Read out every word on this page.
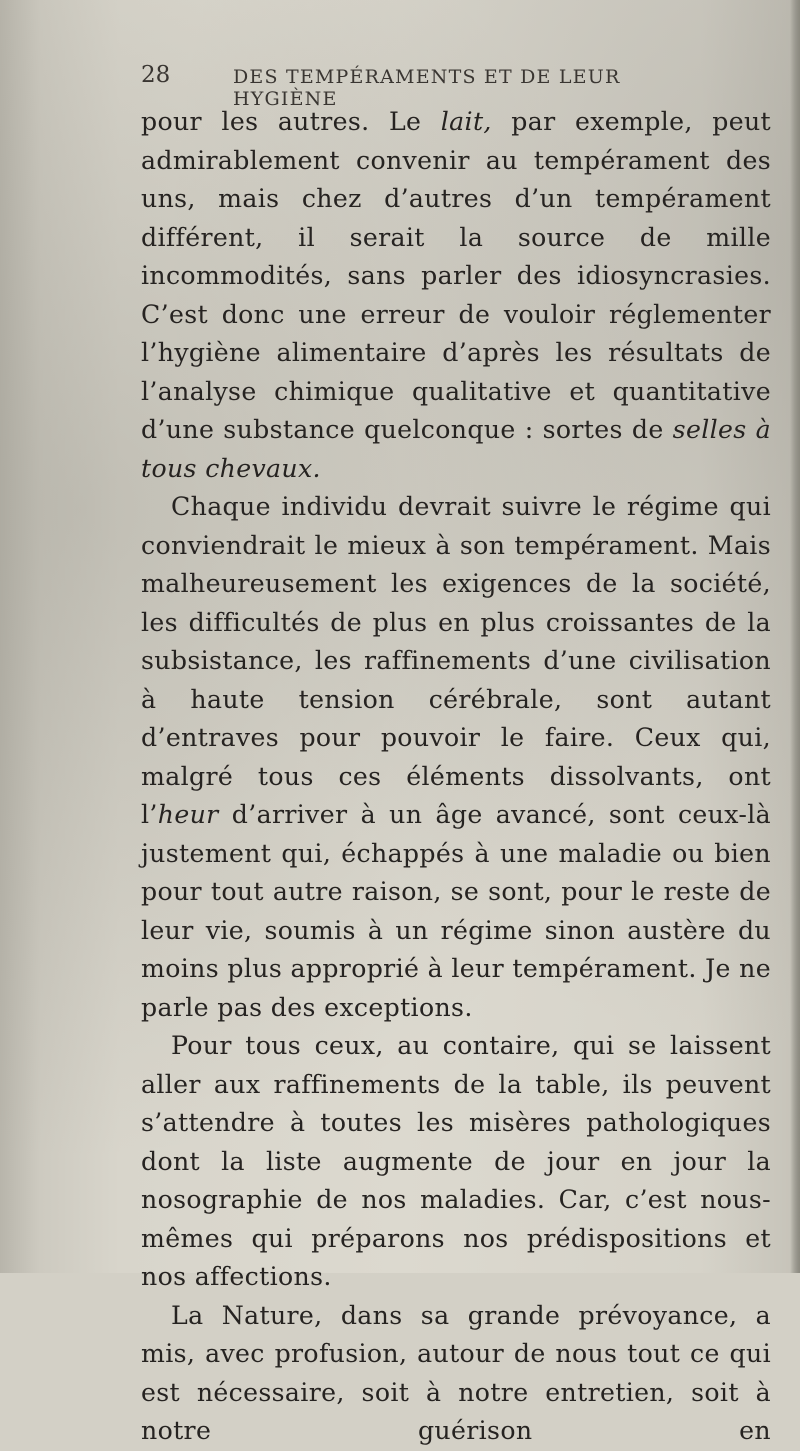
28	DES TEMPÉRAMENTS ET DE LEUR HYGIÈNE

pour les autres. Le lait, par exemple, peut admirablement convenir au tempérament des uns, mais chez d’autres d’un tempérament différent, il serait la source de mille incommodités, sans parler des idiosyncrasies. C’est donc une erreur de vouloir réglementer l’hygiène alimentaire d’après les résultats de l’analyse chimique qualitative et quantitative d’une substance quelconque : sortes de selles à tous chevaux.

Chaque individu devrait suivre le régime qui conviendrait le mieux à son tempérament. Mais malheureusement les exigences de la société, les difficultés de plus en plus croissantes de la subsistance, les raffinements d’une civilisation à haute tension cérébrale, sont autant d’entraves pour pouvoir le faire. Ceux qui, malgré tous ces éléments dissolvants, ont l’heur d’arriver à un âge avancé, sont ceux-là justement qui, échappés à une maladie ou bien pour tout autre raison, se sont, pour le reste de leur vie, soumis à un régime sinon austère du moins plus approprié à leur tempérament. Je ne parle pas des exceptions.

Pour tous ceux, au contaire, qui se laissent aller aux raffinements de la table, ils peuvent s’attendre à toutes les misères pathologiques dont la liste augmente de jour en jour la nosographie de nos maladies. Car, c’est nous-mêmes qui préparons nos prédispositions et nos affections.

La Nature, dans sa grande prévoyance, a mis, avec profusion, autour de nous tout ce qui est nécessaire, soit à notre entretien, soit à notre guérison en
